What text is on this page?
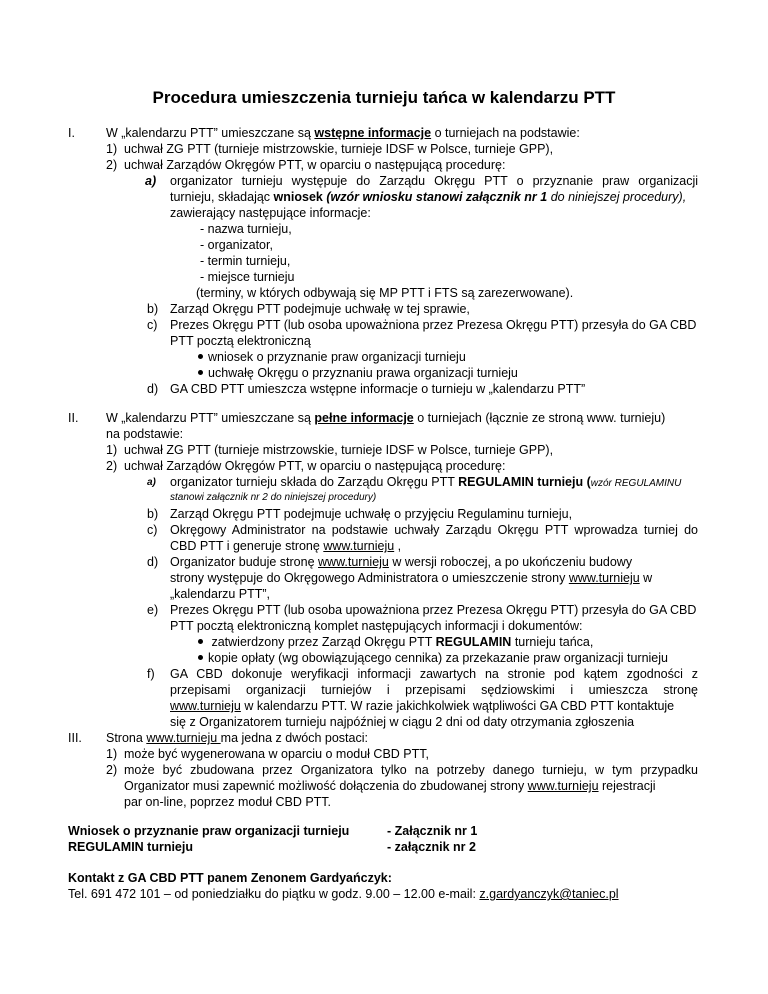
Procedura umieszczenia turnieju tańca w kalendarzu PTT
I. W „kalendarzu PTT” umieszczane są wstępne informacje o turniejach na podstawie:
1) uchwał ZG PTT (turnieje mistrzowskie, turnieje IDSF w Polsce, turnieje GPP),
2) uchwał Zarządów Okręgów PTT, w oparciu o następującą procedurę:
a) organizator turnieju występuje do Zarządu Okręgu PTT o przyznanie praw organizacji
turnieju, składając wniosek (wzór wniosku stanowi załącznik nr 1 do niniejszej procedury),
zawierający następujące informacje:
- nazwa turnieju,
- organizator,
- termin turnieju,
- miejsce turnieju
(terminy, w których odbywają się MP PTT i FTS są zarezerwowane).
b) Zarząd Okręgu PTT podejmuje uchwałę w tej sprawie,
c) Prezes Okręgu PTT (lub osoba upoważniona przez Prezesa Okręgu PTT) przesyła do GA CBD
PTT pocztą elektroniczną
wniosek o przyznanie praw organizacji turnieju
uchwałę Okręgu o przyznaniu prawa organizacji turnieju
d) GA CBD PTT umieszcza wstępne informacje o turnieju w „kalendarzu PTT”
II. W „kalendarzu PTT” umieszczane są pełne informacje o turniejach (łącznie ze stroną www. turnieju)
na podstawie:
1) uchwał ZG PTT (turnieje mistrzowskie, turnieje IDSF w Polsce, turnieje GPP),
2) uchwał Zarządów Okręgów PTT, w oparciu o następującą procedurę:
a) organizator turnieju składa do Zarządu Okręgu PTT REGULAMIN turnieju (wzór REGULAMINU
stanowi załącznik nr 2 do niniejszej procedury)
b) Zarząd Okręgu PTT podejmuje uchwałę o przyjęciu Regulaminu turnieju,
c) Okręgowy Administrator na podstawie uchwały Zarządu Okręgu PTT wprowadza turniej do
CBD PTT i generuje stronę www.turnieju ,
d) Organizator buduje stronę www.turnieju w wersji roboczej, a po ukończeniu budowy
strony występuje do Okręgowego Administratora o umieszczenie strony www.turnieju w
„kalendarzu PTT”,
e) Prezes Okręgu PTT (lub osoba upoważniona przez Prezesa Okręgu PTT) przesyła do GA CBD
PTT pocztą elektroniczną komplet następujących informacji i dokumentów:
zatwierdzony przez Zarząd Okręgu PTT REGULAMIN turnieju tańca,
kopie opłaty (wg obowiązującego cennika) za przekazanie praw organizacji turnieju
f) GA CBD dokonuje weryfikacji informacji zawartych na stronie pod kątem zgodności z
przepisami organizacji turniejów i przepisami sędziowskimi i umieszcza stronę
www.turnieju w kalendarzu PTT. W razie jakichkolwiek wątpliwości GA CBD PTT kontaktuje
się z Organizatorem turnieju najpóźniej w ciągu 2 dni od daty otrzymania zgłoszenia
III. Strona www.turnieju ma jedna z dwóch postaci:
1) może być wygenerowana w oparciu o moduł CBD PTT,
2) może być zbudowana przez Organizatora tylko na potrzeby danego turnieju, w tym przypadku
Organizator musi zapewnić możliwość dołączenia do zbudowanej strony www.turnieju rejestracji
par on-line, poprzez moduł CBD PTT.
Wniosek o przyznanie praw organizacji turnieju	- Załącznik nr 1
REGULAMIN turnieju	- załącznik nr 2
Kontakt z GA CBD PTT panem Zenonem Gardyańczyk:
Tel. 691 472 101 – od poniedziałku do piątku w godz. 9.00 – 12.00 e-mail: z.gardyanczyk@taniec.pl
